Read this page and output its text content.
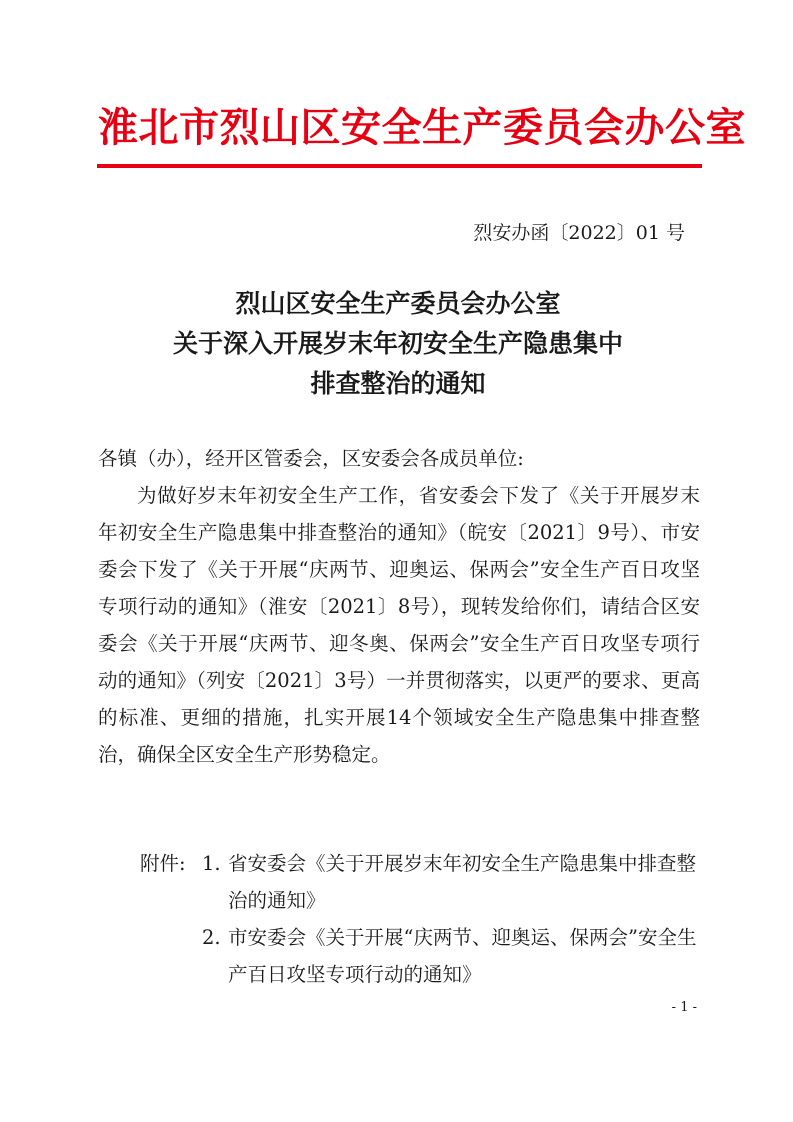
淮北市烈山区安全生产委员会办公室
烈安办函〔2022〕01 号
烈山区安全生产委员会办公室
关于深入开展岁末年初安全生产隐患集中
排查整治的通知
各镇（办），经开区管委会，区安委会各成员单位:
为做好岁末年初安全生产工作，省安委会下发了《关于开展岁末年初安全生产隐患集中排查整治的通知》（皖安〔2021〕9号）、市安委会下发了《关于开展“庆两节、迎奥运、保两会”安全生产百日攻坚专项行动的通知》（淮安〔2021〕8号），现转发给你们，请结合区安委会《关于开展“庆两节、迎冬奥、保两会”安全生产百日攻坚专项行动的通知》（列安〔2021〕3号）一并贯彻落实，以更严的要求、更高的标准、更细的措施，扎实开展14个领域安全生产隐患集中排查整治，确保全区安全生产形势稳定。
附件: 1. 省安委会《关于开展岁末年初安全生产隐患集中排查整治的通知》
2. 市安委会《关于开展“庆两节、迎奥运、保两会”安全生产百日攻坚专项行动的通知》
- 1 -
